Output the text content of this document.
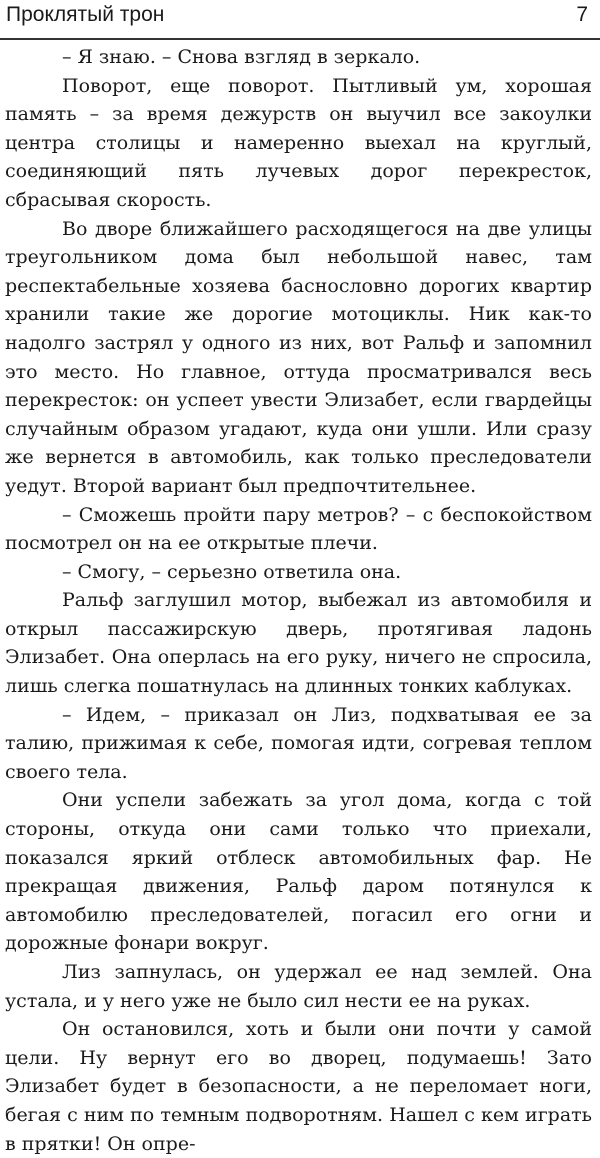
Проклятый трон	7

– Я знаю. – Снова взгляд в зеркало.

Поворот, еще поворот. Пытливый ум, хорошая память – за время дежурств он выучил все закоулки центра столицы и намеренно выехал на круглый, соединяющий пять лучевых дорог перекресток, сбрасывая скорость.

Во дворе ближайшего расходящегося на две улицы треугольником дома был небольшой навес, там респектабельные хозяева баснословно дорогих квартир хранили такие же дорогие мотоциклы. Ник как-то надолго застрял у одного из них, вот Ральф и запомнил это место. Но главное, оттуда просматривался весь перекресток: он успеет увести Элизабет, если гвардейцы случайным образом угадают, куда они ушли. Или сразу же вернется в автомобиль, как только преследователи уедут. Второй вариант был предпочтительнее.

– Сможешь пройти пару метров? – с беспокойством посмотрел он на ее открытые плечи.

– Смогу, – серьезно ответила она.

Ральф заглушил мотор, выбежал из автомобиля и открыл пассажирскую дверь, протягивая ладонь Элизабет. Она оперлась на его руку, ничего не спросила, лишь слегка пошатнулась на длинных тонких каблуках.

– Идем, – приказал он Лиз, подхватывая ее за талию, прижимая к себе, помогая идти, согревая теплом своего тела.

Они успели забежать за угол дома, когда с той стороны, откуда они сами только что приехали, показался яркий отблеск автомобильных фар. Не прекращая движения, Ральф даром потянулся к автомобилю преследователей, погасил его огни и дорожные фонари вокруг.

Лиз запнулась, он удержал ее над землей. Она устала, и у него уже не было сил нести ее на руках.

Он остановился, хоть и были они почти у самой цели. Ну вернут его во дворец, подумаешь! Зато Элизабет будет в безопасности, а не переломает ноги, бегая с ним по темным подворотням. Нашел с кем играть в прятки! Он опре-
